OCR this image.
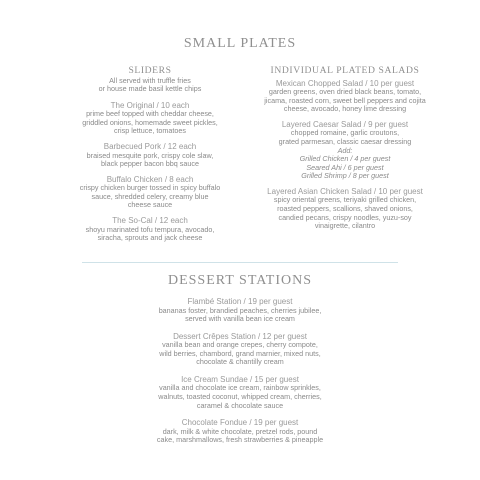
SMALL PLATES
SLIDERS
All served with truffle fries
or house made basil kettle chips
The Original / 10 each
prime beef topped with cheddar cheese,
griddled onions, homemade sweet pickles,
crisp lettuce, tomatoes
Barbecued Pork / 12 each
braised mesquite pork, crispy cole slaw,
black pepper bacon bbq sauce
Buffalo Chicken / 8 each
crispy chicken burger tossed in spicy buffalo
sauce, shredded celery, creamy blue
cheese sauce
The So-Cal / 12 each
shoyu marinated tofu tempura, avocado,
siracha, sprouts and jack cheese
INDIVIDUAL PLATED SALADS
Mexican Chopped Salad / 10 per guest
garden greens, oven dried black beans, tomato,
jicama, roasted corn, sweet bell peppers and cojita
cheese, avocado, honey lime dressing
Layered Caesar Salad / 9 per guest
chopped romaine, garlic croutons,
grated parmesan, classic caesar dressing
Add:
Grilled Chicken / 4 per guest
Seared Ahi / 6 per guest
Grilled Shrimp / 8 per guest
Layered Asian Chicken Salad / 10 per guest
spicy oriental greens, teriyaki grilled chicken,
roasted peppers, scallions, shaved onions,
candied pecans, crispy noodles, yuzu-soy
vinaigrette, cilantro
DESSERT STATIONS
Flambé Station / 19 per guest
bananas foster, brandied peaches, cherries jubilee,
served with vanilla bean ice cream
Dessert Crêpes Station / 12 per guest
vanilla bean and orange crepes, cherry compote,
wild berries, chambord, grand marnier, mixed nuts,
chocolate & chantilly cream
Ice Cream Sundae / 15 per guest
vanilla and chocolate ice cream, rainbow sprinkles,
walnuts, toasted coconut, whipped cream, cherries,
caramel & chocolate sauce
Chocolate Fondue / 19 per guest
dark, milk & white chocolate, pretzel rods, pound
cake, marshmallows, fresh strawberries & pineapple
